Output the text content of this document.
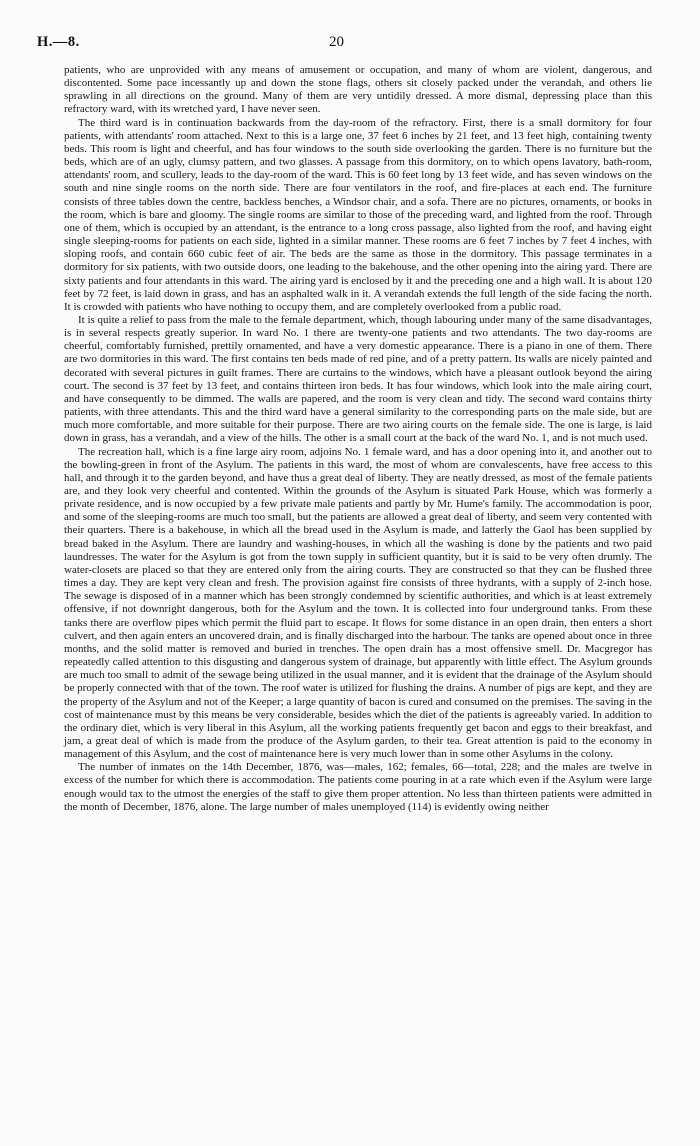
H.—8.	20

patients, who are unprovided with any means of amusement or occupation, and many of whom are violent, dangerous, and discontented. Some pace incessantly up and down the stone flags, others sit closely packed under the verandah, and others lie sprawling in all directions on the ground. Many of them are very untidily dressed. A more dismal, depressing place than this refractory ward, with its wretched yard, I have never seen.

The third ward is in continuation backwards from the day-room of the refractory. First, there is a small dormitory for four patients, with attendants' room attached. Next to this is a large one, 37 feet 6 inches by 21 feet, and 13 feet high, containing twenty beds. This room is light and cheerful, and has four windows to the south side overlooking the garden. There is no furniture but the beds, which are of an ugly, clumsy pattern, and two glasses. A passage from this dormitory, on to which opens lavatory, bath-room, attendants' room, and scullery, leads to the day-room of the ward. This is 60 feet long by 13 feet wide, and has seven windows on the south and nine single rooms on the north side. There are four ventilators in the roof, and fire-places at each end. The furniture consists of three tables down the centre, backless benches, a Windsor chair, and a sofa. There are no pictures, ornaments, or books in the room, which is bare and gloomy. The single rooms are similar to those of the preceding ward, and lighted from the roof. Through one of them, which is occupied by an attendant, is the entrance to a long cross passage, also lighted from the roof, and having eight single sleeping-rooms for patients on each side, lighted in a similar manner. These rooms are 6 feet 7 inches by 7 feet 4 inches, with sloping roofs, and contain 660 cubic feet of air. The beds are the same as those in the dormitory. This passage terminates in a dormitory for six patients, with two outside doors, one leading to the bakehouse, and the other opening into the airing yard. There are sixty patients and four attendants in this ward. The airing yard is enclosed by it and the preceding one and a high wall. It is about 120 feet by 72 feet, is laid down in grass, and has an asphalted walk in it. A verandah extends the full length of the side facing the north. It is crowded with patients who have nothing to occupy them, and are completely overlooked from a public road.

It is quite a relief to pass from the male to the female department, which, though labouring under many of the same disadvantages, is in several respects greatly superior. In ward No. 1 there are twenty-one patients and two attendants. The two day-rooms are cheerful, comfortably furnished, prettily ornamented, and have a very domestic appearance. There is a piano in one of them. There are two dormitories in this ward. The first contains ten beds made of red pine, and of a pretty pattern. Its walls are nicely painted and decorated with several pictures in guilt frames. There are curtains to the windows, which have a pleasant outlook beyond the airing court. The second is 37 feet by 13 feet, and contains thirteen iron beds. It has four windows, which look into the male airing court, and have consequently to be dimmed. The walls are papered, and the room is very clean and tidy. The second ward contains thirty patients, with three attendants. This and the third ward have a general similarity to the corresponding parts on the male side, but are much more comfortable, and more suitable for their purpose. There are two airing courts on the female side. The one is large, is laid down in grass, has a verandah, and a view of the hills. The other is a small court at the back of the ward No. 1, and is not much used.

The recreation hall, which is a fine large airy room, adjoins No. 1 female ward, and has a door opening into it, and another out to the bowling-green in front of the Asylum. The patients in this ward, the most of whom are convalescents, have free access to this hall, and through it to the garden beyond, and have thus a great deal of liberty. They are neatly dressed, as most of the female patients are, and they look very cheerful and contented. Within the grounds of the Asylum is situated Park House, which was formerly a private residence, and is now occupied by a few private male patients and partly by Mr. Hume's family. The accommodation is poor, and some of the sleeping-rooms are much too small, but the patients are allowed a great deal of liberty, and seem very contented with their quarters. There is a bakehouse, in which all the bread used in the Asylum is made, and latterly the Gaol has been supplied by bread baked in the Asylum. There are laundry and washing-houses, in which all the washing is done by the patients and two paid laundresses. The water for the Asylum is got from the town supply in sufficient quantity, but it is said to be very often drumly. The water-closets are placed so that they are entered only from the airing courts. They are constructed so that they can be flushed three times a day. They are kept very clean and fresh. The provision against fire consists of three hydrants, with a supply of 2-inch hose. The sewage is disposed of in a manner which has been strongly condemned by scientific authorities, and which is at least extremely offensive, if not downright dangerous, both for the Asylum and the town. It is collected into four underground tanks. From these tanks there are overflow pipes which permit the fluid part to escape. It flows for some distance in an open drain, then enters a short culvert, and then again enters an uncovered drain, and is finally discharged into the harbour. The tanks are opened about once in three months, and the solid matter is removed and buried in trenches. The open drain has a most offensive smell. Dr. Macgregor has repeatedly called attention to this disgusting and dangerous system of drainage, but apparently with little effect. The Asylum grounds are much too small to admit of the sewage being utilized in the usual manner, and it is evident that the drainage of the Asylum should be properly connected with that of the town. The roof water is utilized for flushing the drains. A number of pigs are kept, and they are the property of the Asylum and not of the Keeper; a large quantity of bacon is cured and consumed on the premises. The saving in the cost of maintenance must by this means be very considerable, besides which the diet of the patients is agreeably varied. In addition to the ordinary diet, which is very liberal in this Asylum, all the working patients frequently get bacon and eggs to their breakfast, and jam, a great deal of which is made from the produce of the Asylum garden, to their tea. Great attention is paid to the economy in management of this Asylum, and the cost of maintenance here is very much lower than in some other Asylums in the colony.

The number of inmates on the 14th December, 1876, was—males, 162; females, 66—total, 228; and the males are twelve in excess of the number for which there is accommodation. The patients come pouring in at a rate which even if the Asylum were large enough would tax to the utmost the energies of the staff to give them proper attention. No less than thirteen patients were admitted in the month of December, 1876, alone. The large number of males unemployed (114) is evidently owing neither
